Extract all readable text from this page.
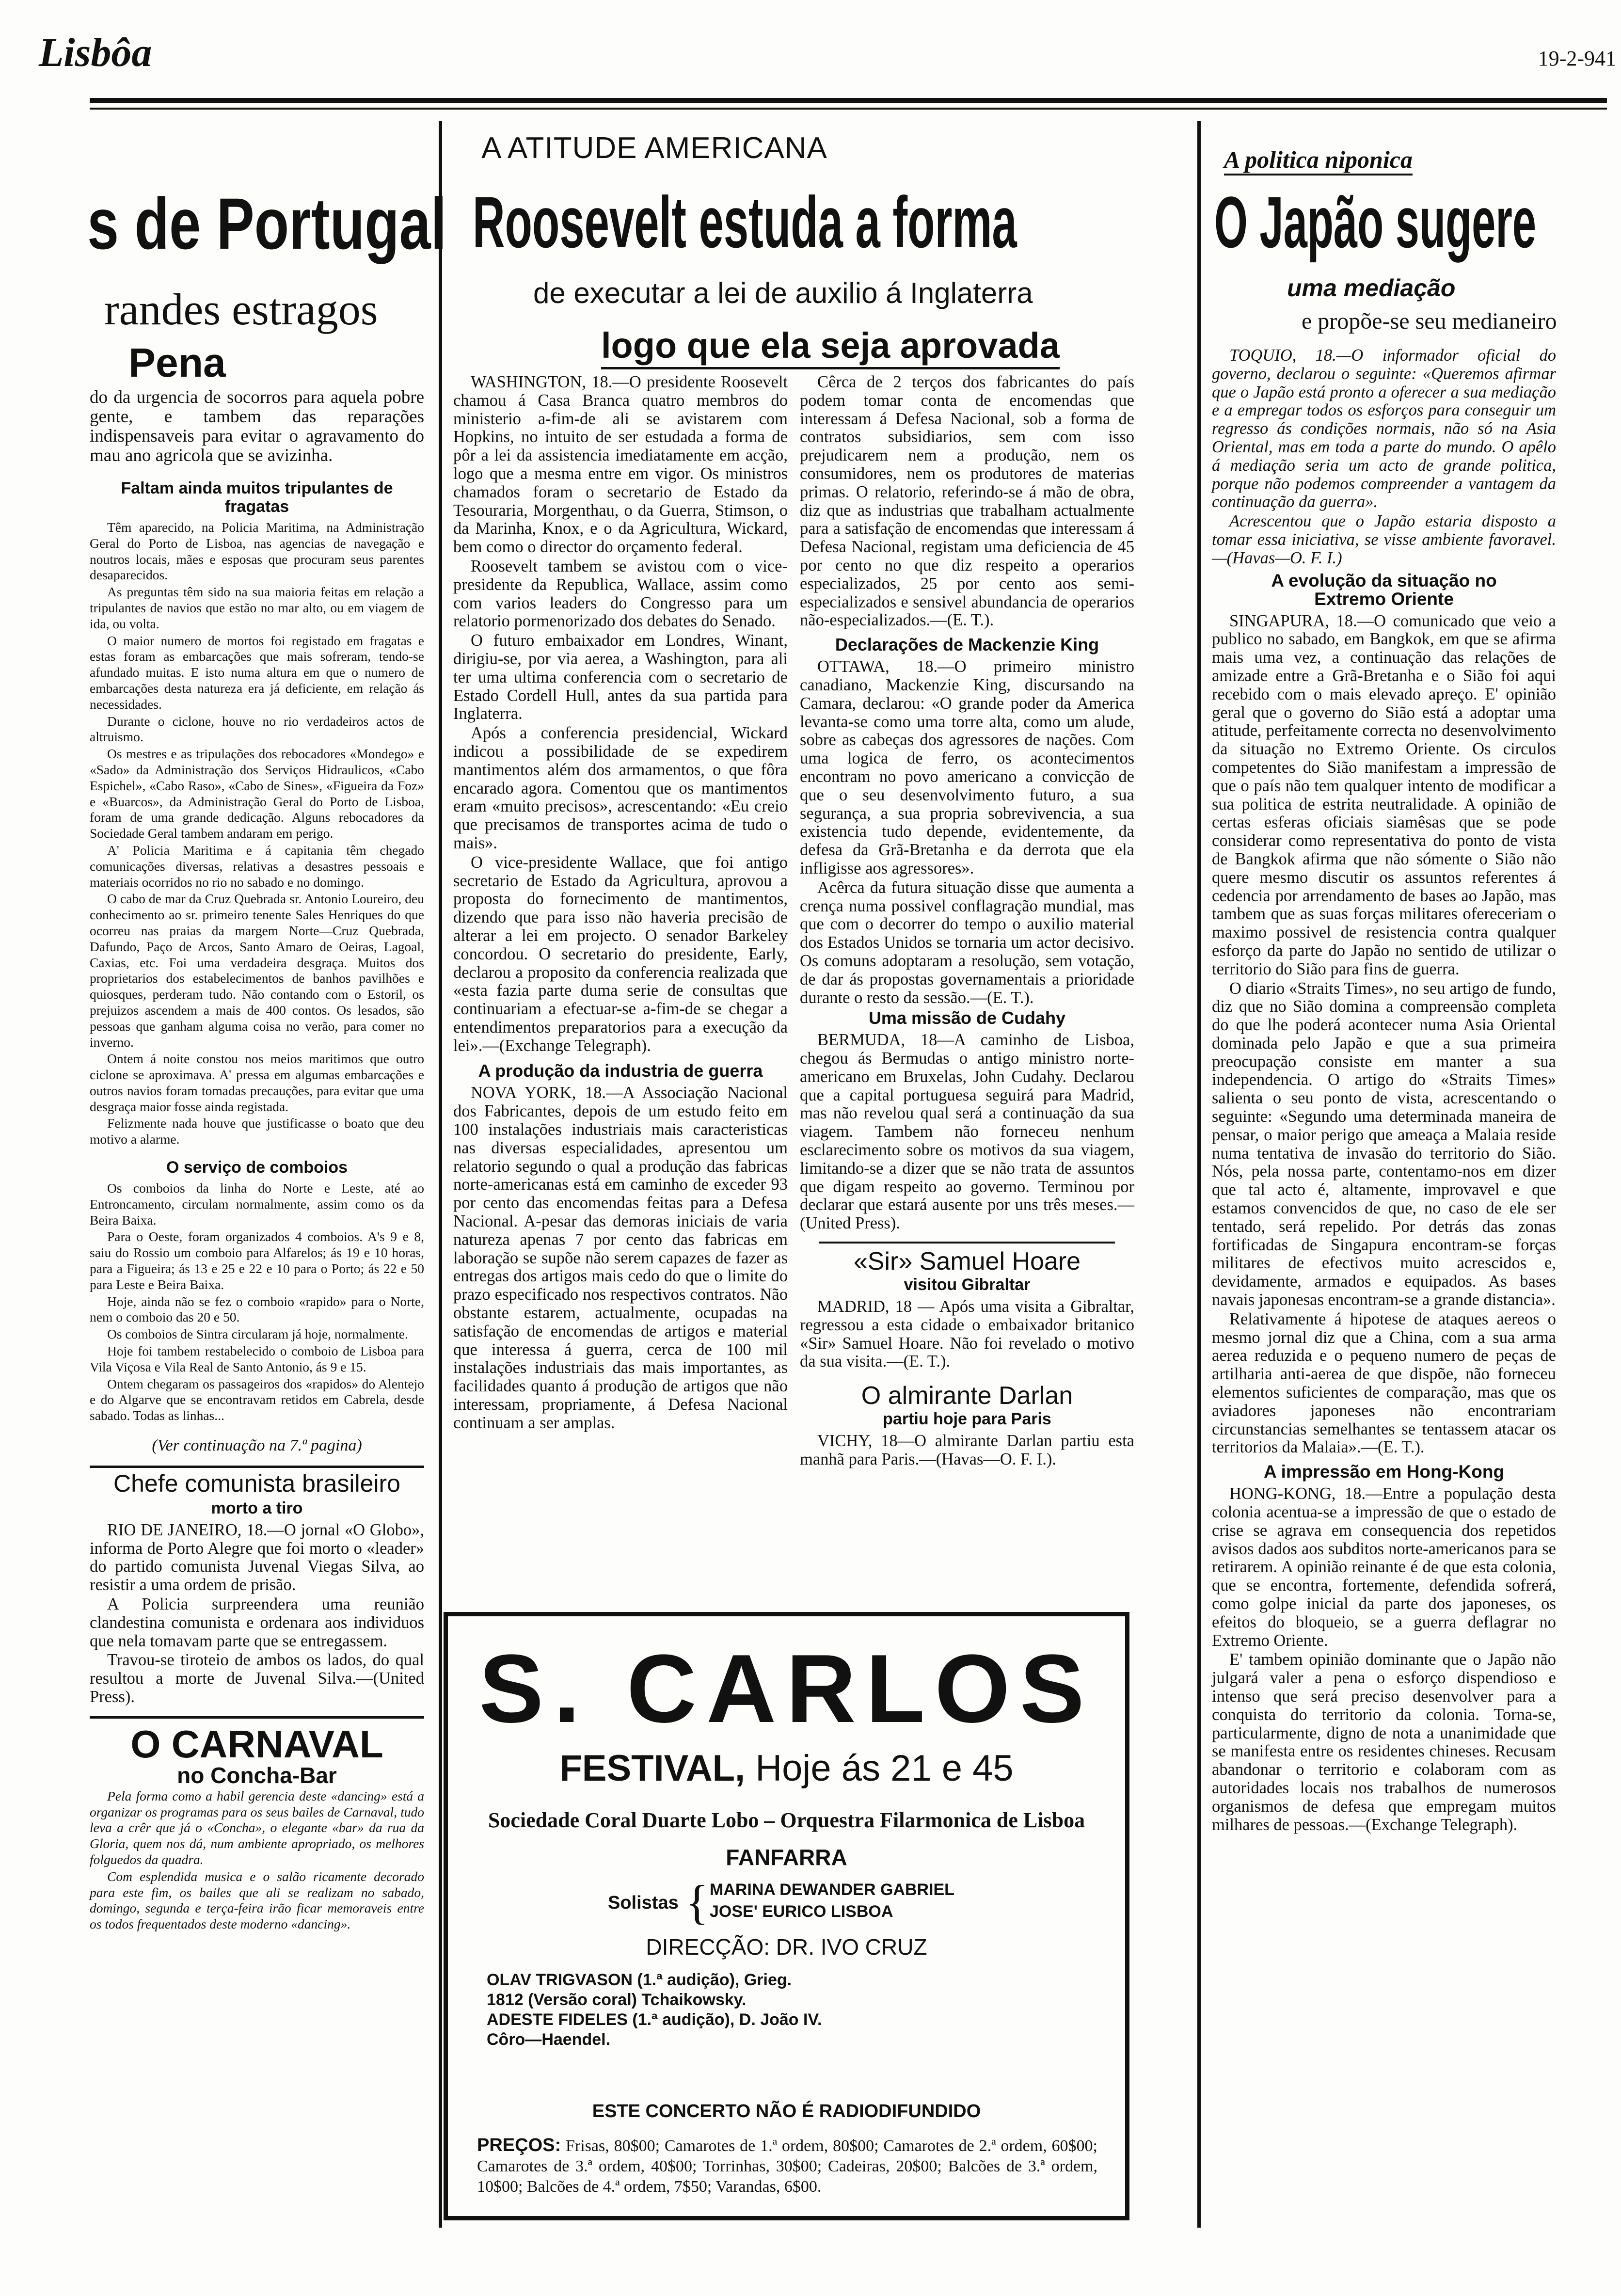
Lisbôa	19-2-941
s de Portugal
randes estragos
Pena

do da urgencia de socorros para aquela pobre gente, e tambem das reparações indispensaveis para evitar o agravamento do mau ano agricola que se avizinha.

Faltam ainda muitos tripulantes de fragatas

Têm aparecido, na Policia Maritima, na Administração Geral do Porto de Lisboa, nas agencias de navegação e noutros locais, mães e esposas que procuram seus parentes desaparecidos.

As preguntas têm sido na sua maioria feitas em relação a tripulantes de navios que estão no mar alto, ou em viagem de ida, ou volta.

O maior numero de mortos foi registado em fragatas e estas foram as embarcações que mais sofreram, tendo-se afundado muitas. E isto numa altura em que o numero de embarcações desta natureza era já deficiente, em relação ás necessidades.

Durante o ciclone, houve no rio verdadeiros actos de altruismo.

Os mestres e as tripulações dos rebocadores «Mondego» e «Sado» da Administração dos Serviços Hidraulicos, «Cabo Espichel», «Cabo Raso», «Cabo de Sines», «Figueira da Foz» e «Buarcos», da Administração Geral do Porto de Lisboa, foram de uma grande dedicação. Alguns rebocadores da Sociedade Geral tambem andaram em perigo.

A' Policia Maritima e á capitania têm chegado comunicações diversas, relativas a desastres pessoais e materiais ocorridos no rio no sabado e no domingo.

O cabo de mar da Cruz Quebrada sr. Antonio Loureiro, deu conhecimento ao sr. primeiro tenente Sales Henriques do que ocorreu nas praias da margem Norte—Cruz Quebrada, Dafundo, Paço de Arcos, Santo Amaro de Oeiras, Lagoal, Caxias, etc. Foi uma verdadeira desgraça. Muitos dos proprietarios dos estabelecimentos de banhos pavilhões e quiosques, perderam tudo. Não contando com o Estoril, os prejuizos ascendem a mais de 400 contos. Os lesados, são pessoas que ganham alguma coisa no verão, para comer no inverno.

Ontem á noite constou nos meios maritimos que outro ciclone se aproximava. A' pressa em algumas embarcações e outros navios foram tomadas precauções, para evitar que uma desgraça maior fosse ainda registada.

Felizmente nada houve que justificasse o boato que deu motivo a alarme.

O serviço de comboios

Os comboios da linha do Norte e Leste, até ao Entroncamento, circulam normalmente, assim como os da Beira Baixa.

Para o Oeste, foram organizados 4 comboios. A's 9 e 8, saiu do Rossio um comboio para Alfarelos; ás 19 e 10 horas, para a Figueira; ás 13 e 25 e 22 e 10 para o Porto; ás 22 e 50 para Leste e Beira Baixa.

Hoje, ainda não se fez o comboio «rapido» para o Norte, nem o comboio das 20 e 50.

Os comboios de Sintra circularam já hoje, normalmente.

Hoje foi tambem restabelecido o comboio de Lisboa para Vila Viçosa e Vila Real de Santo Antonio, ás 9 e 15.

Ontem chegaram os passageiros dos «rapidos» do Alentejo e do Algarve que se encontravam retidos em Cabrela, desde sabado. Todas as linhas...

(Ver continuação na 7.ª pagina)
Chefe comunista brasileiro
morto a tiro

RIO DE JANEIRO, 18.—O jornal «O Globo», informa de Porto Alegre que foi morto o «leader» do partido comunista Juvenal Viegas Silva, ao resistir a uma ordem de prisão.

A Policia surpreendera uma reunião clandestina comunista e ordenara aos individuos que nela tomavam parte que se entregassem.

Travou-se tiroteio de ambos os lados, do qual resultou a morte de Juvenal Silva.—(United Press).

O CARNAVAL
no Concha-Bar

Pela forma como a habil gerencia deste «dancing» está a organizar os programas para os seus bailes de Carnaval, tudo leva a crêr que já o «Concha», o elegante «bar» da rua da Gloria, quem nos dá, num ambiente apropriado, os melhores folguedos da quadra.

Com esplendida musica e o salão ricamente decorado para este fim, os bailes que ali se realizam no sabado, domingo, segunda e terça-feira irão ficar memoraveis entre os todos frequentados deste moderno «dancing».

A ATITUDE AMERICANA
Roosevelt estuda a forma
de executar a lei de auxilio á Inglaterra
logo que ela seja aprovada

WASHINGTON, 18.—O presidente Roosevelt chamou á Casa Branca quatro membros do ministerio a-fim-de ali se avistarem com Hopkins, no intuito de ser estudada a forma de pôr a lei da assistencia imediatamente em acção, logo que a mesma entre em vigor. Os ministros chamados foram o secretario de Estado da Tesouraria, Morgenthau, o da Guerra, Stimson, o da Marinha, Knox, e o da Agricultura, Wickard, bem como o director do orçamento federal.

Roosevelt tambem se avistou com o vice-presidente da Republica, Wallace, assim como com varios leaders do Congresso para um relatorio pormenorizado dos debates do Senado.

O futuro embaixador em Londres, Winant, dirigiu-se, por via aerea, a Washington, para ali ter uma ultima conferencia com o secretario de Estado Cordell Hull, antes da sua partida para Inglaterra.

Após a conferencia presidencial, Wickard indicou a possibilidade de se expedirem mantimentos além dos armamentos, o que fôra encarado agora. Comentou que os mantimentos eram «muito precisos», acrescentando: «Eu creio que precisamos de transportes acima de tudo o mais».

O vice-presidente Wallace, que foi antigo secretario de Estado da Agricultura, aprovou a proposta do fornecimento de mantimentos, dizendo que para isso não haveria precisão de alterar a lei em projecto. O senador Barkeley concordou. O secretario do presidente, Early, declarou a proposito da conferencia realizada que «esta fazia parte duma serie de consultas que continuariam a efectuar-se a-fim-de se chegar a entendimentos preparatorios para a execução da lei».—(Exchange Telegraph).

A produção da industria de guerra

NOVA YORK, 18.—A Associação Nacional dos Fabricantes, depois de um estudo feito em 100 instalações industriais mais caracteristicas nas diversas especialidades, apresentou um relatorio segundo o qual a produção das fabricas norte-americanas está em caminho de exceder 93 por cento das encomendas feitas para a Defesa Nacional. A-pesar das demoras iniciais de varia natureza apenas 7 por cento das fabricas em laboração se supõe não serem capazes de fazer as entregas dos artigos mais cedo do que o limite do prazo especificado nos respectivos contratos. Não obstante estarem, actualmente, ocupadas na satisfação de encomendas de artigos e material que interessa á guerra, cerca de 100 mil instalações industriais das mais importantes, as facilidades quanto á produção de artigos que não interessam, propriamente, á Defesa Nacional continuam a ser amplas.

Cêrca de 2 terços dos fabricantes do país podem tomar conta de encomendas que interessam á Defesa Nacional, sob a forma de contratos subsidiarios, sem com isso prejudicarem nem a produção, nem os consumidores, nem os produtores de materias primas. O relatorio, referindo-se á mão de obra, diz que as industrias que trabalham actualmente para a satisfação de encomendas que interessam á Defesa Nacional, registam uma deficiencia de 45 por cento no que diz respeito a operarios especializados, 25 por cento aos semi-especializados e sensivel abundancia de operarios não-especializados.—(E. T.).

Declarações de Mackenzie King

OTTAWA, 18.—O primeiro ministro canadiano, Mackenzie King, discursando na Camara, declarou: «O grande poder da America levanta-se como uma torre alta, como um alude, sobre as cabeças dos agressores de nações. Com uma logica de ferro, os acontecimentos encontram no povo americano a convicção de que o seu desenvolvimento futuro, a sua segurança, a sua propria sobrevivencia, a sua existencia tudo depende, evidentemente, da defesa da Grã-Bretanha e da derrota que ela infligisse aos agressores».

Acêrca da futura situação disse que aumenta a crença numa possivel conflagração mundial, mas que com o decorrer do tempo o auxilio material dos Estados Unidos se tornaria um actor decisivo. Os comuns adoptaram a resolução, sem votação, de dar ás propostas governamentais a prioridade durante o resto da sessão.—(E. T.).

Uma missão de Cudahy

BERMUDA, 18—A caminho de Lisboa, chegou ás Bermudas o antigo ministro norte-americano em Bruxelas, John Cudahy. Declarou que a capital portuguesa seguirá para Madrid, mas não revelou qual será a continuação da sua viagem. Tambem não forneceu nenhum esclarecimento sobre os motivos da sua viagem, limitando-se a dizer que se não trata de assuntos que digam respeito ao governo. Terminou por declarar que estará ausente por uns três meses.—(United Press).

«Sir» Samuel Hoare
visitou Gibraltar

MADRID, 18 — Após uma visita a Gibraltar, regressou a esta cidade o embaixador britanico «Sir» Samuel Hoare. Não foi revelado o motivo da sua visita.—(E. T.).

O almirante Darlan
partiu hoje para Paris

VICHY, 18—O almirante Darlan partiu esta manhã para Paris.—(Havas—O. F. I.).

S. CARLOS
FESTIVAL, Hoje ás 21 e 45
Sociedade Coral Duarte Lobo – Orquestra Filarmonica de Lisboa
FANFARRA
Solistas { MARINA DEWANDER GABRIEL
JOSE' EURICO LISBOA
DIRECÇÃO: DR. IVO CRUZ
OLAV TRIGVASON (1.ª audição), Grieg.
1812 (Versão coral) Tchaikowsky.
ADESTE FIDELES (1.ª audição), D. João IV.
Côro—Haendel.
ESTE CONCERTO NÃO É RADIODIFUNDIDO
PREÇOS: Frisas, 80$00; Camarotes de 1.ª ordem, 80$00; Camarotes de 2.ª ordem, 60$00; Camarotes de 3.ª ordem, 40$00; Torrinhas, 30$00; Cadeiras, 20$00; Balcões de 3.ª ordem, 10$00; Balcões de 4.ª ordem, 7$50; Varandas, 6$00.
A politica niponica
O Japão sugere
uma mediação
e propõe-se seu medianeiro

TOQUIO, 18.—O informador oficial do governo, declarou o seguinte: «Queremos afirmar que o Japão está pronto a oferecer a sua mediação e a empregar todos os esforços para conseguir um regresso ás condições normais, não só na Asia Oriental, mas em toda a parte do mundo. O apêlo á mediação seria um acto de grande politica, porque não podemos compreender a vantagem da continuação da guerra».

Acrescentou que o Japão estaria disposto a tomar essa iniciativa, se visse ambiente favoravel.—(Havas—O. F. I.)

A evolução da situação no Extremo Oriente

SINGAPURA, 18.—O comunicado que veio a publico no sabado, em Bangkok, em que se afirma mais uma vez, a continuação das relações de amizade entre a Grã-Bretanha e o Sião foi aqui recebido com o mais elevado apreço. E' opinião geral que o governo do Sião está a adoptar uma atitude, perfeitamente correcta no desenvolvimento da situação no Extremo Oriente. Os circulos competentes do Sião manifestam a impressão de que o país não tem qualquer intento de modificar a sua politica de estrita neutralidade. A opinião de certas esferas oficiais siamêsas que se pode considerar como representativa do ponto de vista de Bangkok afirma que não sómente o Sião não quere mesmo discutir os assuntos referentes á cedencia por arrendamento de bases ao Japão, mas tambem que as suas forças militares ofereceriam o maximo possivel de resistencia contra qualquer esforço da parte do Japão no sentido de utilizar o territorio do Sião para fins de guerra.

O diario «Straits Times», no seu artigo de fundo, diz que no Sião domina a compreensão completa do que lhe poderá acontecer numa Asia Oriental dominada pelo Japão e que a sua primeira preocupação consiste em manter a sua independencia. O artigo do «Straits Times» salienta o seu ponto de vista, acrescentando o seguinte: «Segundo uma determinada maneira de pensar, o maior perigo que ameaça a Malaia reside numa tentativa de invasão do territorio do Sião. Nós, pela nossa parte, contentamo-nos em dizer que tal acto é, altamente, improvavel e que estamos convencidos de que, no caso de ele ser tentado, será repelido. Por detrás das zonas fortificadas de Singapura encontram-se forças militares de efectivos muito acrescidos e, devidamente, armados e equipados. As bases navais japonesas encontram-se a grande distancia».

Relativamente á hipotese de ataques aereos o mesmo jornal diz que a China, com a sua arma aerea reduzida e o pequeno numero de peças de artilharia anti-aerea de que dispõe, não forneceu elementos suficientes de comparação, mas que os aviadores japoneses não encontrariam circunstancias semelhantes se tentassem atacar os territorios da Malaia».—(E. T.).

A impressão em Hong-Kong

HONG-KONG, 18.—Entre a população desta colonia acentua-se a impressão de que o estado de crise se agrava em consequencia dos repetidos avisos dados aos subditos norte-americanos para se retirarem. A opinião reinante é de que esta colonia, que se encontra, fortemente, defendida sofrerá, como golpe inicial da parte dos japoneses, os efeitos do bloqueio, se a guerra deflagrar no Extremo Oriente.

E' tambem opinião dominante que o Japão não julgará valer a pena o esforço dispendioso e intenso que será preciso desenvolver para a conquista do territorio da colonia. Torna-se, particularmente, digno de nota a unanimidade que se manifesta entre os residentes chineses. Recusam abandonar o territorio e colaboram com as autoridades locais nos trabalhos de numerosos organismos de defesa que empregam muitos milhares de pessoas.—(Exchange Telegraph).
